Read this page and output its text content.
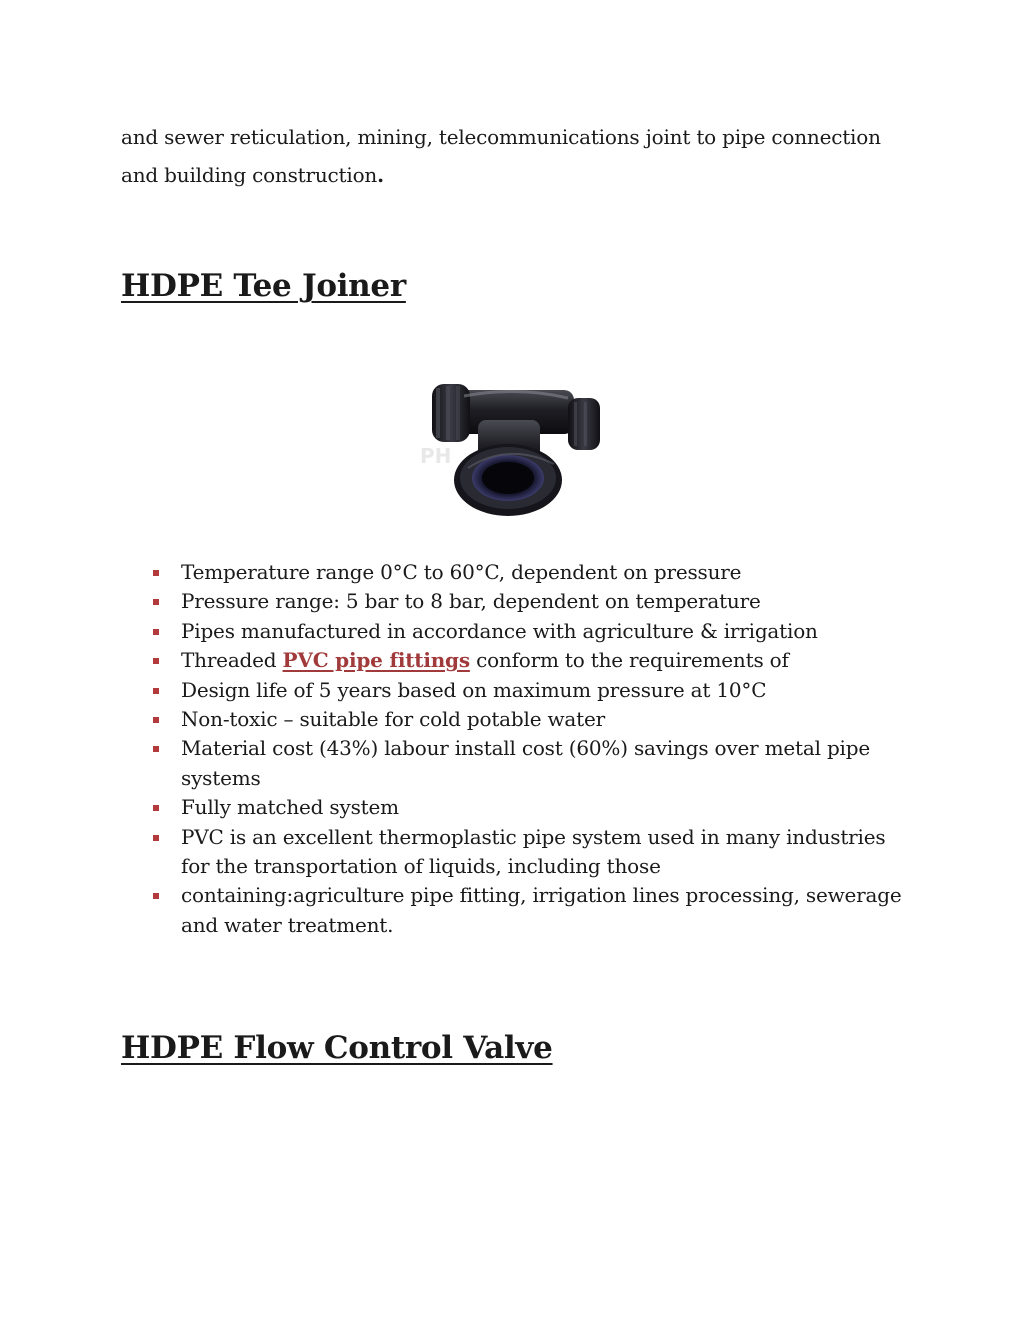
and sewer reticulation, mining, telecommunications joint to pipe connection and building construction.
HDPE Tee Joiner
PH
Temperature range 0°C to 60°C, dependent on pressure
Pressure range: 5 bar to 8 bar, dependent on temperature
Pipes manufactured in accordance with agriculture & irrigation
Threaded PVC pipe fittings conform to the requirements of
Design life of 5 years based on maximum pressure at 10°C
Non-toxic – suitable for cold potable water
Material cost (43%) labour install cost (60%) savings over metal pipe systems
Fully matched system
PVC is an excellent thermoplastic pipe system used in many industries for the transportation of liquids, including those
containing:agriculture pipe fitting, irrigation lines processing, sewerage and water treatment.
HDPE Flow Control Valve
